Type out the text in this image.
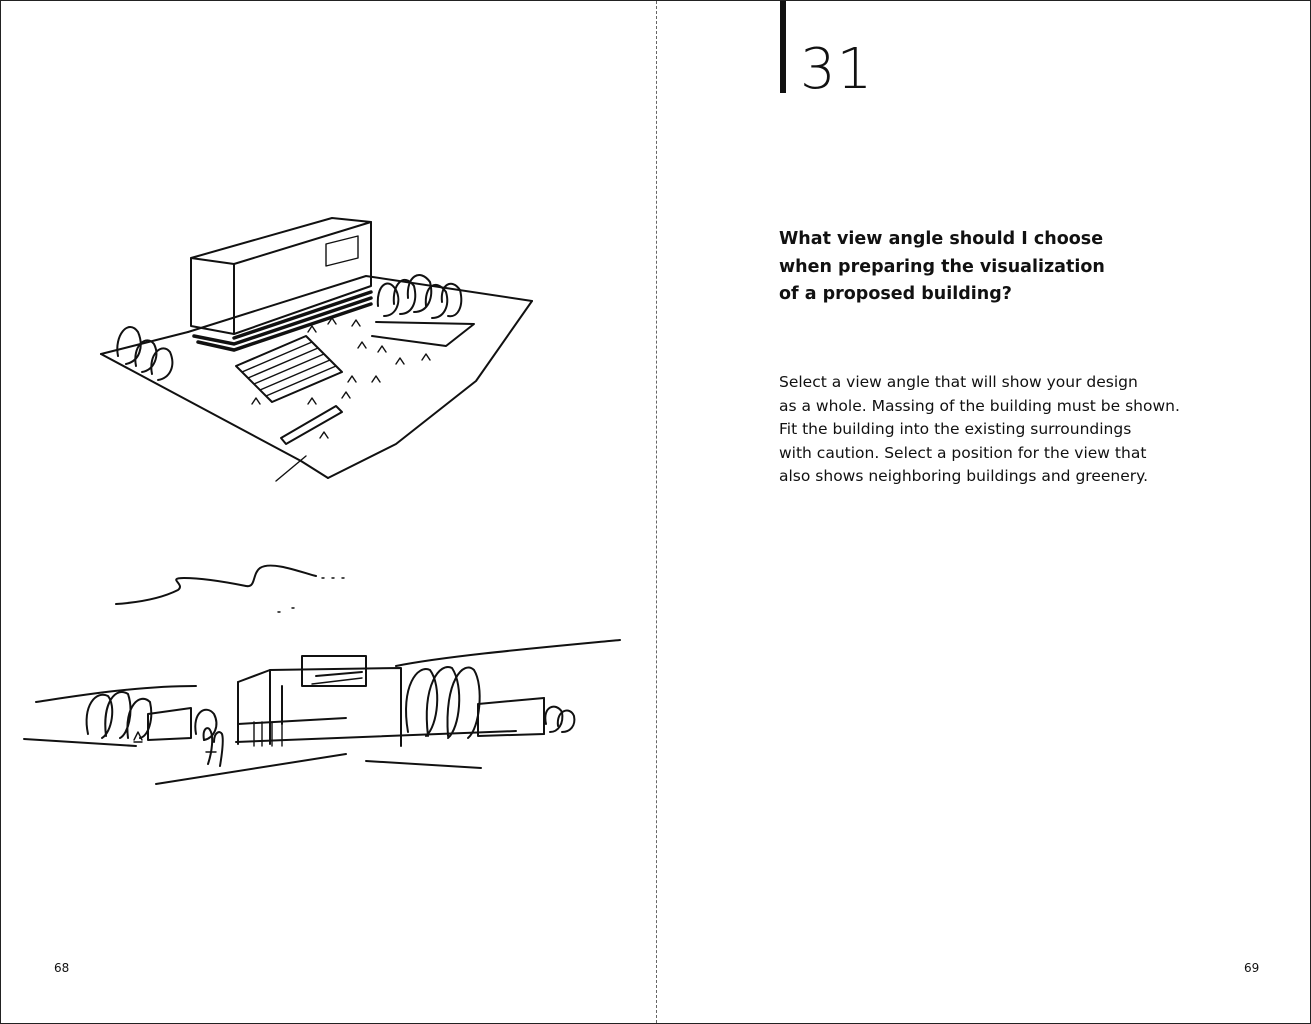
68
31
What view angle should I choose
when preparing the visualization
of a proposed building?
Select a view angle that will show your design
as a whole. Massing of the building must be shown.
Fit the building into the existing surroundings
with caution. Select a position for the view that
also shows neighboring buildings and greenery.
69
